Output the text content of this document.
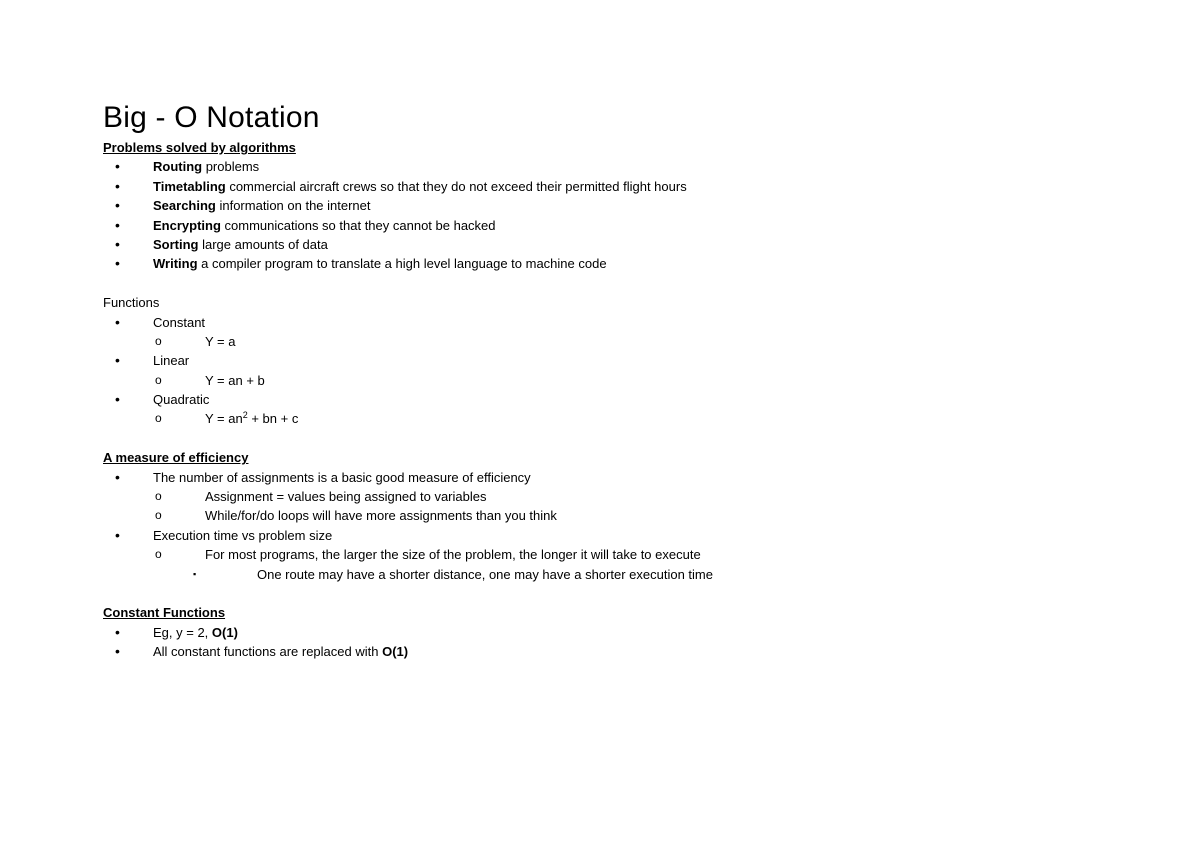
Big - O Notation
Problems solved by algorithms
•	Routing problems
•	Timetabling commercial aircraft crews so that they do not exceed their permitted flight hours
•	Searching information on the internet
•	Encrypting communications so that they cannot be hacked
•	Sorting large amounts of data
•	Writing a compiler program to translate a high level language to machine code
Functions
•	Constant
o	Y = a
•	Linear
o	Y = an + b
•	Quadratic
o	$Y = an^2$ + bn + c
A measure of efficiency
•	The number of assignments is a basic good measure of efficiency
o	Assignment = values being assigned to variables
o	While/for/do loops will have more assignments than you think
•	Execution time vs problem size
o	For most programs, the larger the size of the problem, the longer it will take to execute
▪	One route may have a shorter distance, one may have a shorter execution time
Constant Functions
•	Eg, y = 2, O(1)
•	All constant functions are replaced with O(1)
